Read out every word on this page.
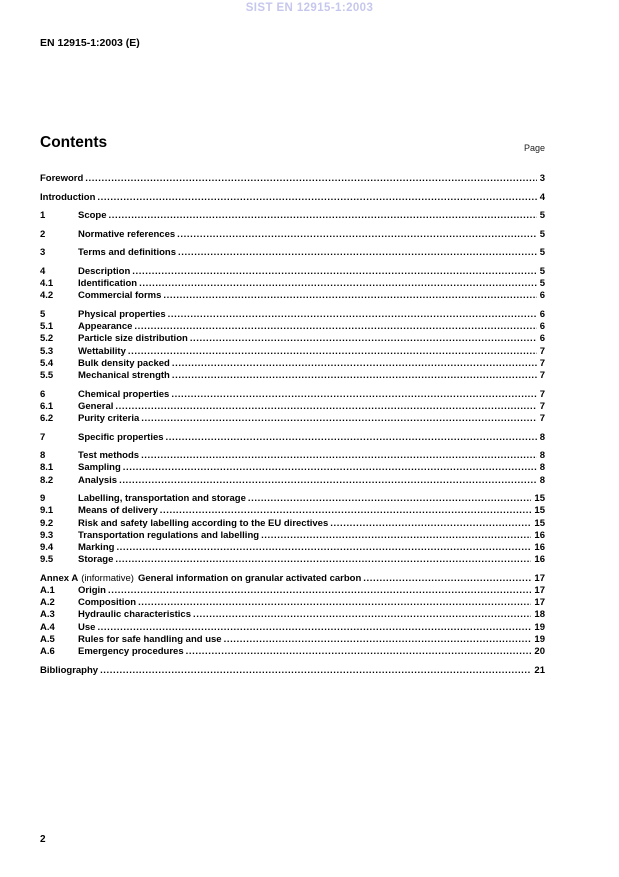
SIST EN 12915-1:2003
EN 12915-1:2003 (E)
Contents	Page
Foreword .....	3
Introduction .....	4
1	Scope .....	5
2	Normative references .....	5
3	Terms and definitions .....	5
4	Description .....	5
4.1	Identification .....	5
4.2	Commercial forms .....	6
5	Physical properties .....	6
5.1	Appearance .....	6
5.2	Particle size distribution .....	6
5.3	Wettability .....	7
5.4	Bulk density packed .....	7
5.5	Mechanical strength .....	7
6	Chemical properties .....	7
6.1	General .....	7
6.2	Purity criteria .....	7
7	Specific properties .....	8
8	Test methods .....	8
8.1	Sampling .....	8
8.2	Analysis .....	8
9	Labelling, transportation and storage .....	15
9.1	Means of delivery .....	15
9.2	Risk and safety labelling according to the EU directives .....	15
9.3	Transportation regulations and labelling .....	16
9.4	Marking .....	16
9.5	Storage .....	16
Annex A (informative) General information on granular activated carbon .....	17
A.1	Origin .....	17
A.2	Composition .....	17
A.3	Hydraulic characteristics .....	18
A.4	Use .....	19
A.5	Rules for safe handling and use .....	19
A.6	Emergency procedures .....	20
Bibliography .....	21
2
